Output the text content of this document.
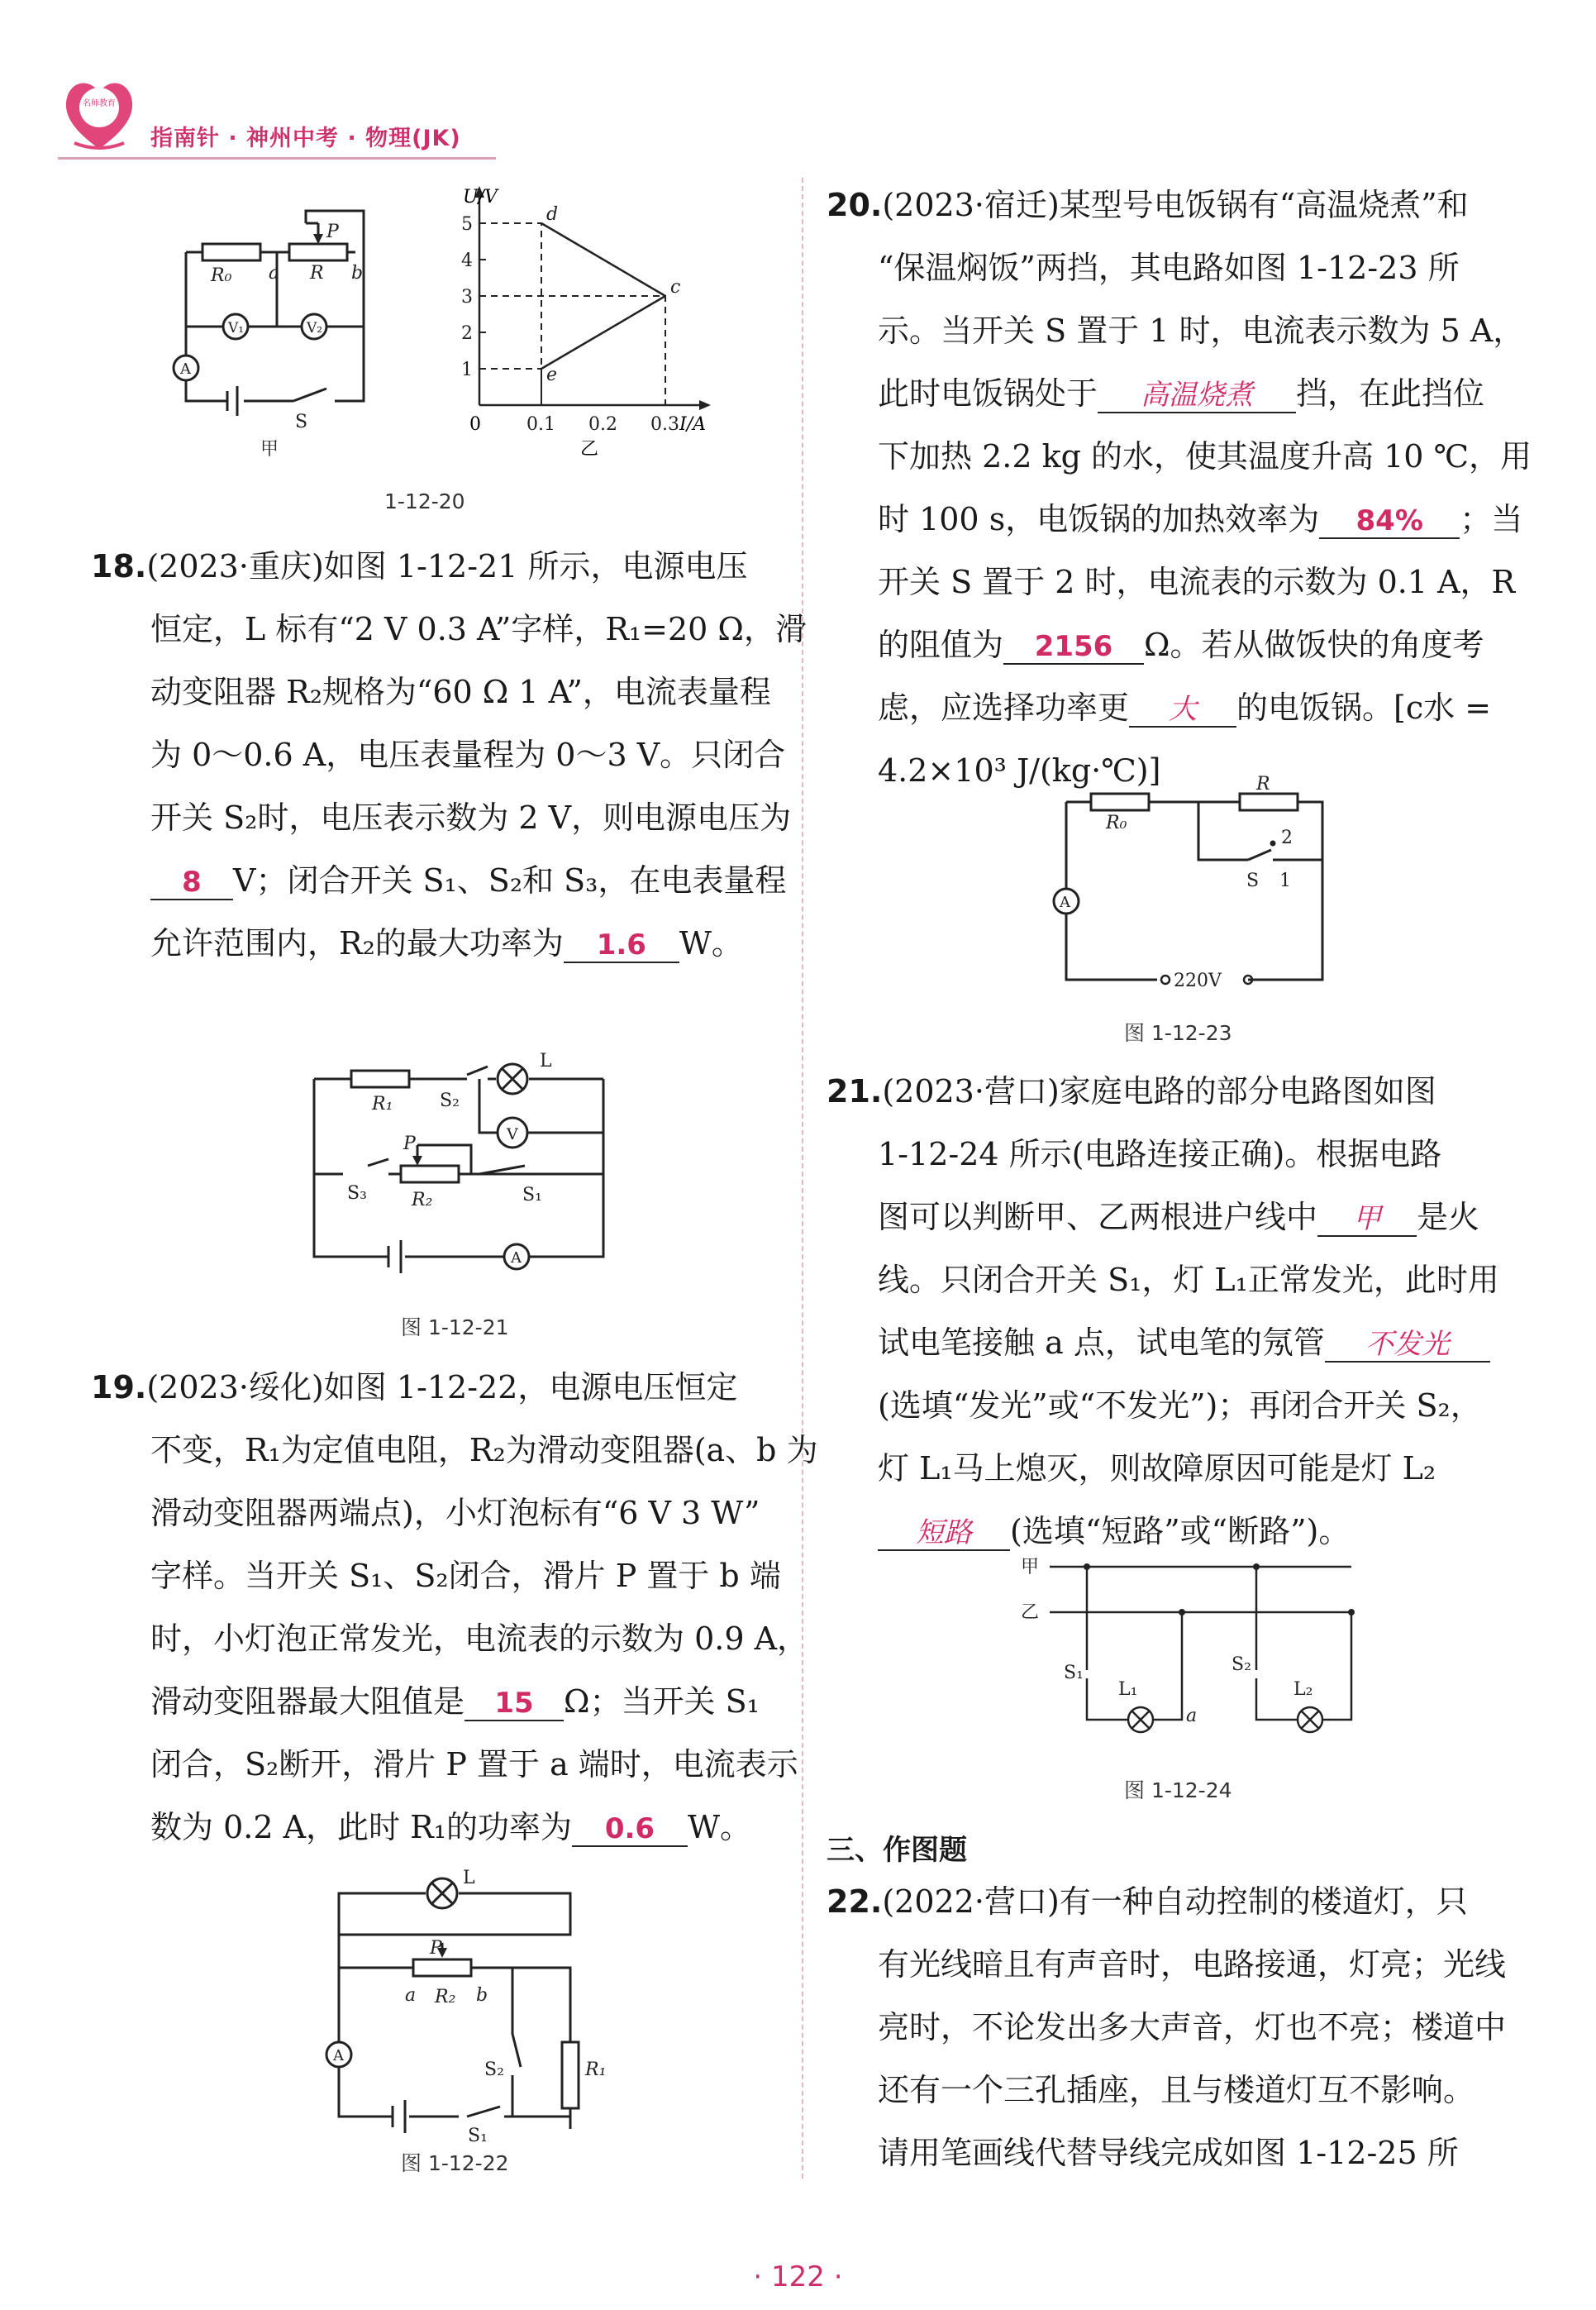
名师教育
指南针 · 神州中考 · 物理(JK)
R₀ a R b
P
V₁	V₂
A
S
甲
1
2
3
4
5
0.1 0.2 0.3
d
c
e
U/V
I/A
0
乙
1-12-20
18.(2023·重庆)如图 1-12-21 所示，电源电压
恒定，L 标有“2 V 0.3 A”字样，R₁=20 Ω，滑
动变阻器 R₂规格为“60 Ω 1 A”，电流表量程
为 0～0.6 A，电压表量程为 0～3 V。只闭合
开关 S₂时，电压表示数为 2 V，则电源电压为
8 V；闭合开关 S₁、S₂和 S₃，在电表量程
允许范围内，R₂的最大功率为 1.6 W。
L
R₁	S₂
V
P
S₃ R₂	S₁
A
图 1-12-21
19.(2023·绥化)如图 1-12-22，电源电压恒定
不变，R₁为定值电阻，R₂为滑动变阻器(a、b 为
滑动变阻器两端点)，小灯泡标有“6 V 3 W”
字样。当开关 S₁、S₂闭合，滑片 P 置于 b 端
时，小灯泡正常发光，电流表的示数为 0.9 A，
滑动变阻器最大阻值是 15 Ω；当开关 S₁
闭合，S₂断开，滑片 P 置于 a 端时，电流表示
数为 0.2 A，此时 R₁的功率为 0.6 W。
L
P
a R₂ b
A
S₂	R₁
S₁
图 1-12-22
20.(2023·宿迁)某型号电饭锅有“高温烧煮”和
“保温焖饭”两挡，其电路如图 1-12-23 所
示。当开关 S 置于 1 时，电流表示数为 5 A，
此时电饭锅处于 高温烧煮 挡，在此挡位
下加热 2.2 kg 的水，使其温度升高 10 ℃，用
时 100 s，电饭锅的加热效率为 84% ；当
开关 S 置于 2 时，电流表的示数为 0.1 A，R
的阻值为 2156 Ω。若从做饭快的角度考
虑，应选择功率更 大 的电饭锅。[c水 =
4.2×10³ J/(kg·℃)]
R₀
R
2
S 1
A
220V
图 1-12-23
21.(2023·营口)家庭电路的部分电路图如图
1-12-24 所示(电路连接正确)。根据电路
图可以判断甲、乙两根进户线中 甲 是火
线。只闭合开关 S₁，灯 L₁正常发光，此时用
试电笔接触 a 点，试电笔的氖管 不发光
(选填“发光”或“不发光”)；再闭合开关 S₂，
灯 L₁马上熄灭，则故障原因可能是灯 L₂
短路 (选填“短路”或“断路”)。
甲
乙
S₁
L₁
a
S₂
L₂
图 1-12-24
三、作图题
22.(2022·营口)有一种自动控制的楼道灯，只
有光线暗且有声音时，电路接通，灯亮；光线
亮时，不论发出多大声音，灯也不亮；楼道中
还有一个三孔插座，且与楼道灯互不影响。
请用笔画线代替导线完成如图 1-12-25 所
· 122 ·
